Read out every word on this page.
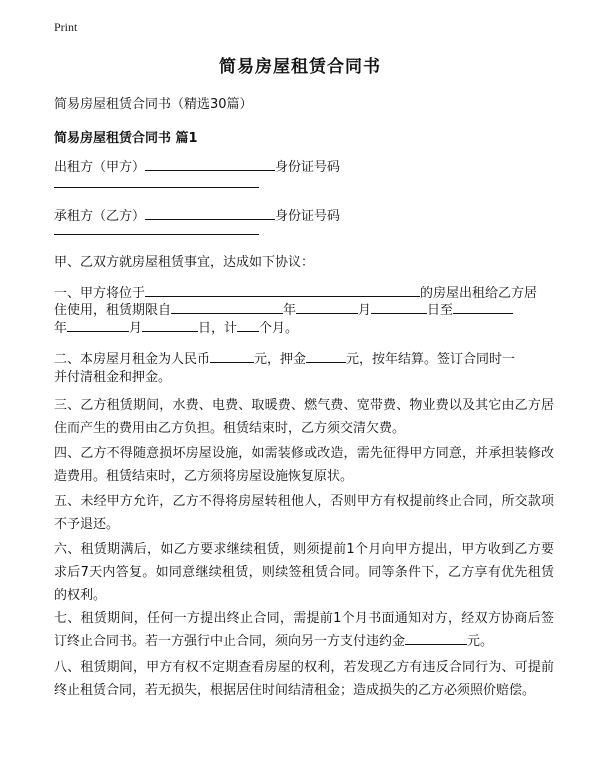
Print
简易房屋租赁合同书
简易房屋租赁合同书（精选30篇）
简易房屋租赁合同书 篇1
出租方（甲方）	身份证号码
承租方（乙方）	身份证号码
甲、乙双方就房屋租赁事宜，达成如下协议：
一、甲方将位于	的房屋出租给乙方居
住使用，租赁期限自	年	月	日至
年	月	日，计 个月。
二、本房屋月租金为人民币	元，押金	元，按年结算。签订合同时一
并付清租金和押金。
三、乙方租赁期间，水费、电费、取暖费、燃气费、宽带费、物业费以及其它由乙方居住而产生的费用由乙方负担。租赁结束时，乙方须交清欠费。
四、乙方不得随意损坏房屋设施，如需装修或改造，需先征得甲方同意，并承担装修改造费用。租赁结束时，乙方须将房屋设施恢复原状。
五、未经甲方允许，乙方不得将房屋转租他人，否则甲方有权提前终止合同，所交款项不予退还。
六、租赁期满后，如乙方要求继续租赁，则须提前1个月向甲方提出，甲方收到乙方要求后7天内答复。如同意继续租赁，则续签租赁合同。同等条件下，乙方享有优先租赁的权利。
七、租赁期间，任何一方提出终止合同，需提前1个月书面通知对方，经双方协商后签订终止合同书。若一方强行中止合同，须向另一方支付违约金	元。
八、租赁期间，甲方有权不定期查看房屋的权利，若发现乙方有违反合同行为、可提前终止租赁合同，若无损失，根据居住时间结清租金；造成损失的乙方必须照价赔偿。
